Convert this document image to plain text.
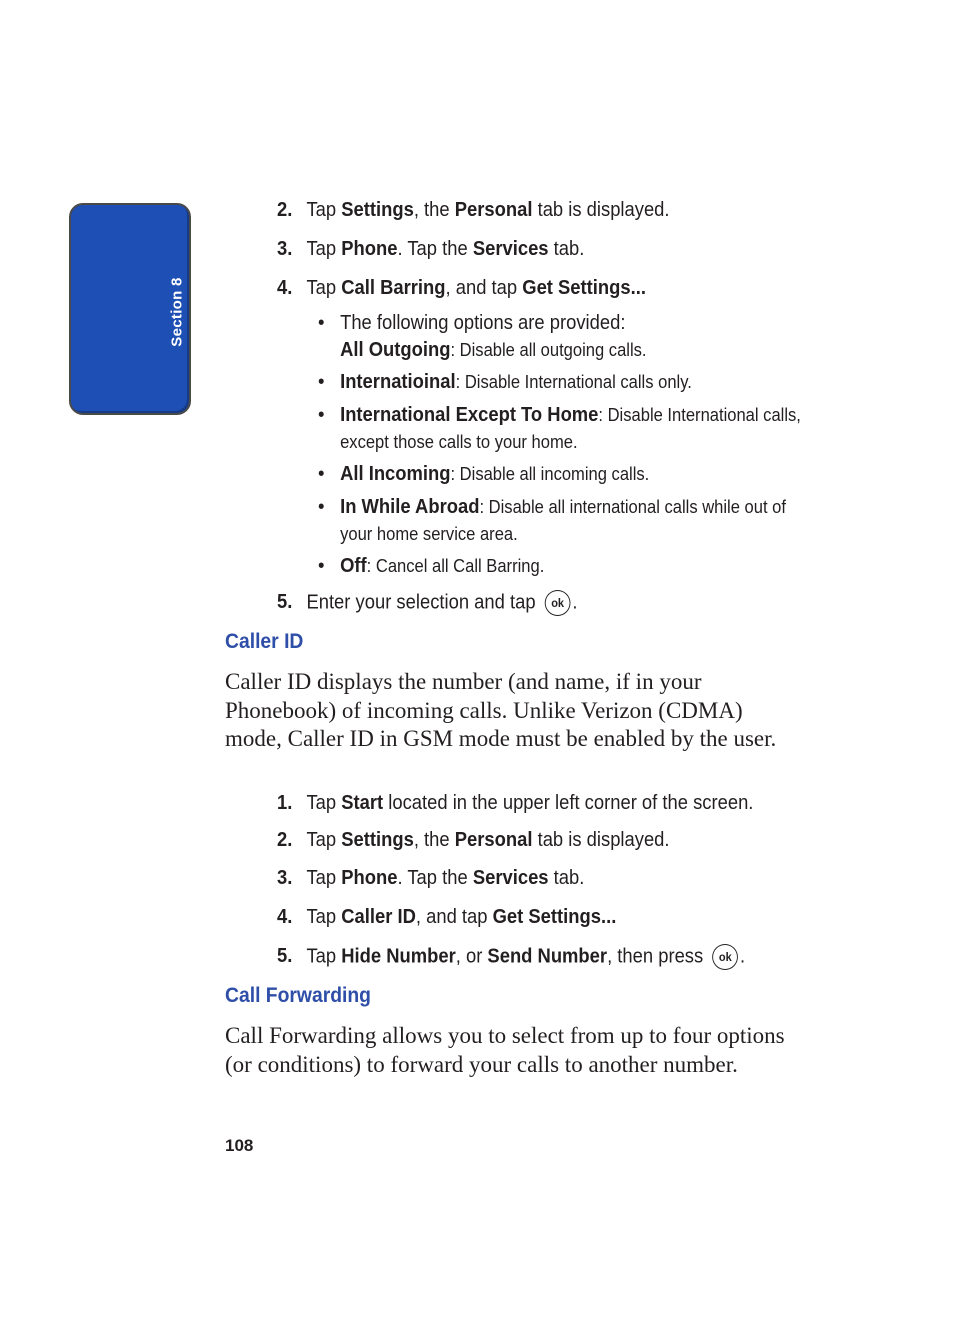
Section 8
2. Tap Settings, the Personal tab is displayed.
3. Tap Phone. Tap the Services tab.
4. Tap Call Barring, and tap Get Settings...
• The following options are provided:
All Outgoing: Disable all outgoing calls.
• Internatioinal: Disable International calls only.
• International Except To Home: Disable International calls,
except those calls to your home.
• All Incoming: Disable all incoming calls.
• In While Abroad: Disable all international calls while out of
your home service area.
• Off: Cancel all Call Barring.
5. Enter your selection and tap ok .
Caller ID

Caller ID displays the number (and name, if in your Phonebook) of incoming calls. Unlike Verizon (CDMA) mode, Caller ID in GSM mode must be enabled by the user.

1. Tap Start located in the upper left corner of the screen.
2. Tap Settings, the Personal tab is displayed.
3. Tap Phone. Tap the Services tab.
4. Tap Caller ID, and tap Get Settings...
5. Tap Hide Number, or Send Number, then press ok .
Call Forwarding

Call Forwarding allows you to select from up to four options (or conditions) to forward your calls to another number.

108
